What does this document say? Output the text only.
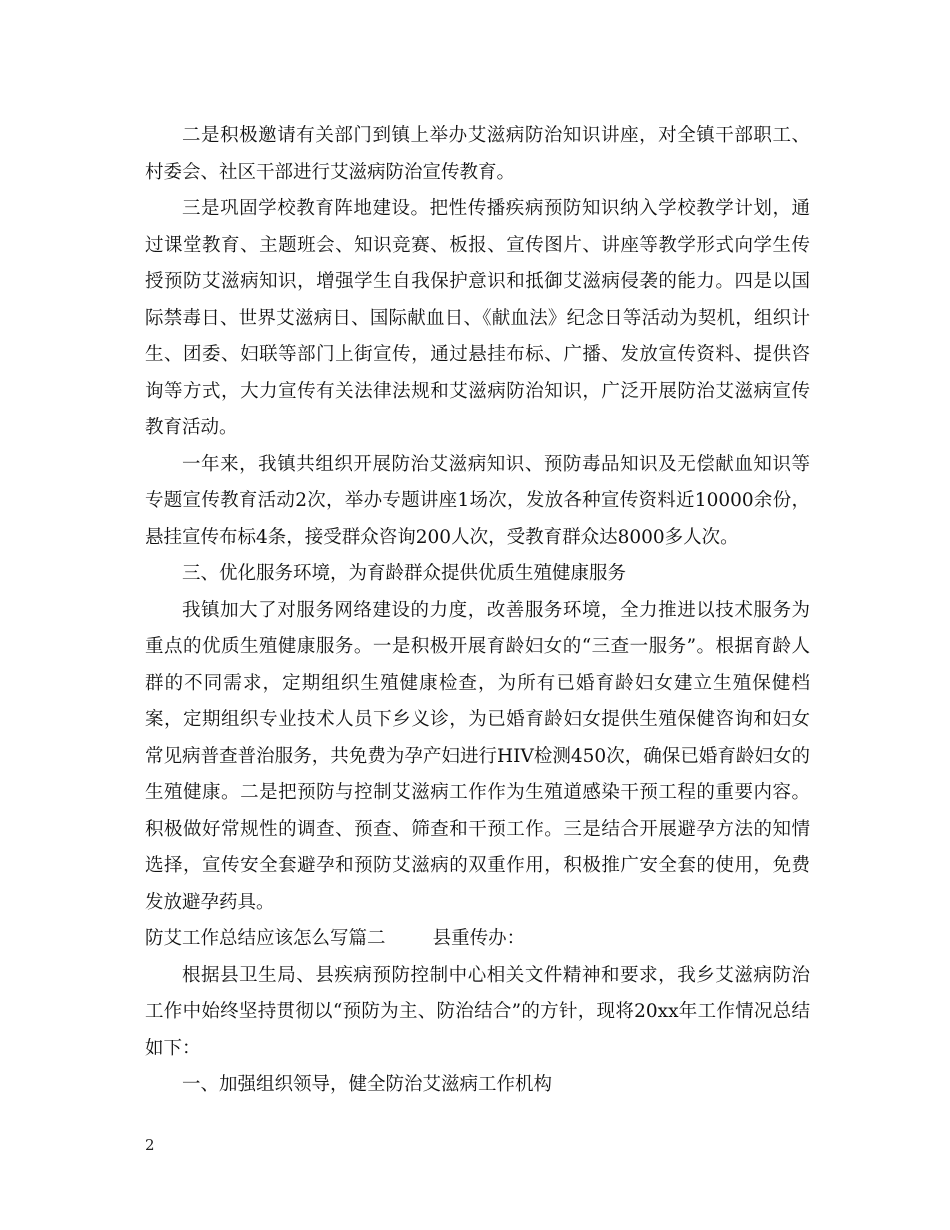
二是积极邀请有关部门到镇上举办艾滋病防治知识讲座，对全镇干部职工、村委会、社区干部进行艾滋病防治宣传教育。

三是巩固学校教育阵地建设。把性传播疾病预防知识纳入学校教学计划，通过课堂教育、主题班会、知识竞赛、板报、宣传图片、讲座等教学形式向学生传授预防艾滋病知识，增强学生自我保护意识和抵御艾滋病侵袭的能力。四是以国际禁毒日、世界艾滋病日、国际献血日、《献血法》纪念日等活动为契机，组织计生、团委、妇联等部门上街宣传，通过悬挂布标、广播、发放宣传资料、提供咨询等方式，大力宣传有关法律法规和艾滋病防治知识，广泛开展防治艾滋病宣传教育活动。

一年来，我镇共组织开展防治艾滋病知识、预防毒品知识及无偿献血知识等专题宣传教育活动2次，举办专题讲座1场次，发放各种宣传资料近10000余份，悬挂宣传布标4条，接受群众咨询200人次，受教育群众达8000多人次。

三、优化服务环境，为育龄群众提供优质生殖健康服务

我镇加大了对服务网络建设的力度，改善服务环境，全力推进以技术服务为重点的优质生殖健康服务。一是积极开展育龄妇女的“三查一服务”。根据育龄人群的不同需求，定期组织生殖健康检查，为所有已婚育龄妇女建立生殖保健档案，定期组织专业技术人员下乡义诊，为已婚育龄妇女提供生殖保健咨询和妇女常见病普查普治服务，共免费为孕产妇进行HIV检测450次，确保已婚育龄妇女的生殖健康。二是把预防与控制艾滋病工作作为生殖道感染干预工程的重要内容。积极做好常规性的调查、预查、筛查和干预工作。三是结合开展避孕方法的知情选择，宣传安全套避孕和预防艾滋病的双重作用，积极推广安全套的使用，免费发放避孕药具。

防艾工作总结应该怎么写篇二	县重传办：

根据县卫生局、县疾病预防控制中心相关文件精神和要求，我乡艾滋病防治工作中始终坚持贯彻以“预防为主、防治结合”的方针，现将20xx年工作情况总结如下：

一、加强组织领导，健全防治艾滋病工作机构

2
